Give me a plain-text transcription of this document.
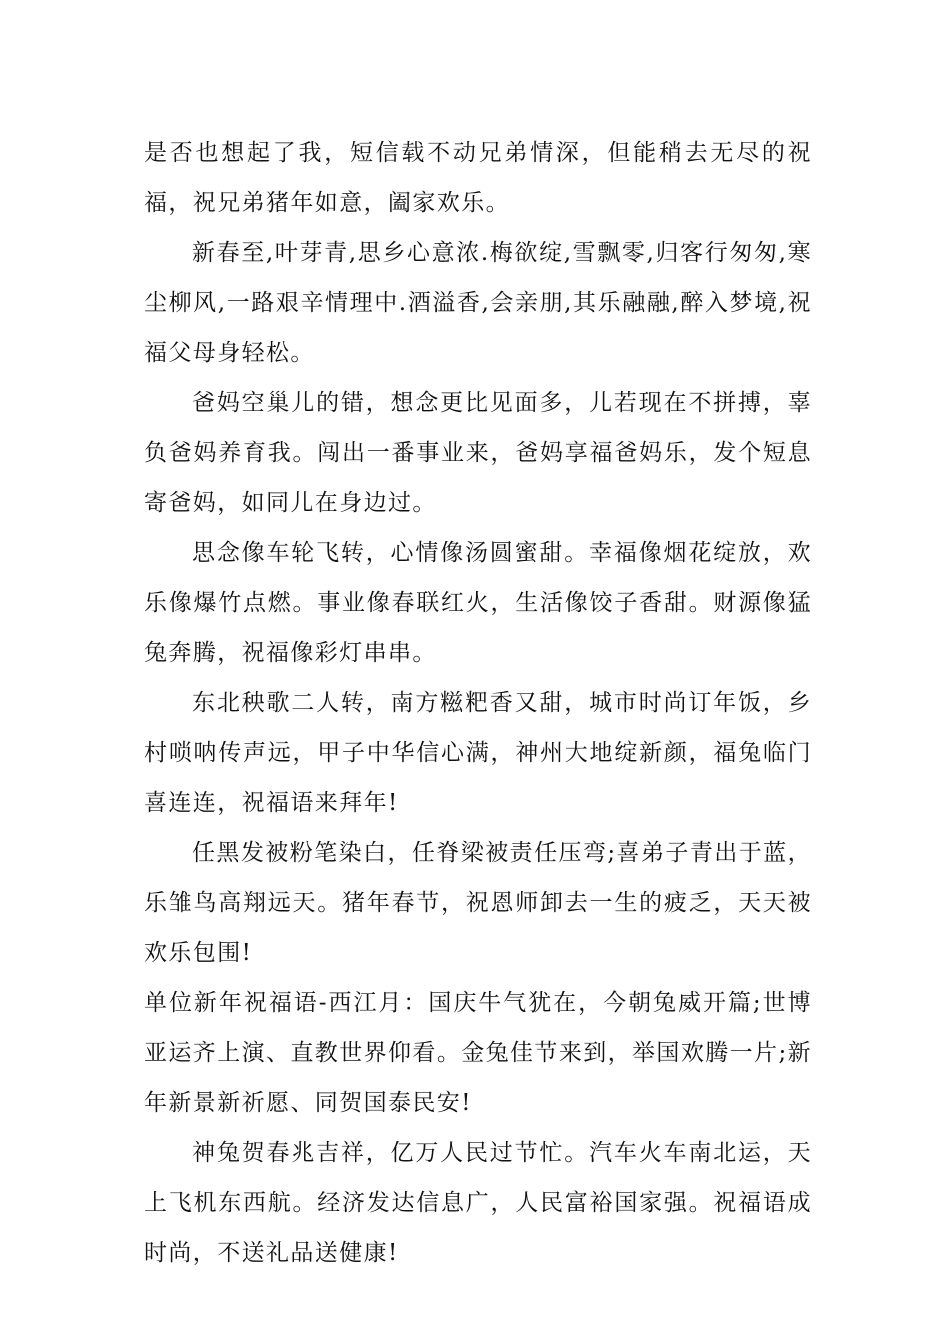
是否也想起了我，短信载不动兄弟情深，但能稍去无尽的祝福，祝兄弟猪年如意，阖家欢乐。

新春至,叶芽青,思乡心意浓.梅欲绽,雪飘零,归客行匆匆,寒尘柳风,一路艰辛情理中.酒溢香,会亲朋,其乐融融,醉入梦境,祝福父母身轻松。

爸妈空巢儿的错，想念更比见面多，儿若现在不拼搏，辜负爸妈养育我。闯出一番事业来，爸妈享福爸妈乐，发个短息寄爸妈，如同儿在身边过。

思念像车轮飞转，心情像汤圆蜜甜。幸福像烟花绽放，欢乐像爆竹点燃。事业像春联红火，生活像饺子香甜。财源像猛兔奔腾，祝福像彩灯串串。

东北秧歌二人转，南方糍粑香又甜，城市时尚订年饭，乡村唢呐传声远，甲子中华信心满，神州大地绽新颜，福兔临门喜连连，祝福语来拜年!

任黑发被粉笔染白，任脊梁被责任压弯;喜弟子青出于蓝，乐雏鸟高翔远天。猪年春节，祝恩师卸去一生的疲乏，天天被欢乐包围!

单位新年祝福语-西江月：国庆牛气犹在，今朝兔威开篇;世博亚运齐上演、直教世界仰看。金兔佳节来到，举国欢腾一片;新年新景新祈愿、同贺国泰民安!

神兔贺春兆吉祥，亿万人民过节忙。汽车火车南北运，天上飞机东西航。经济发达信息广，人民富裕国家强。祝福语成时尚，不送礼品送健康!
